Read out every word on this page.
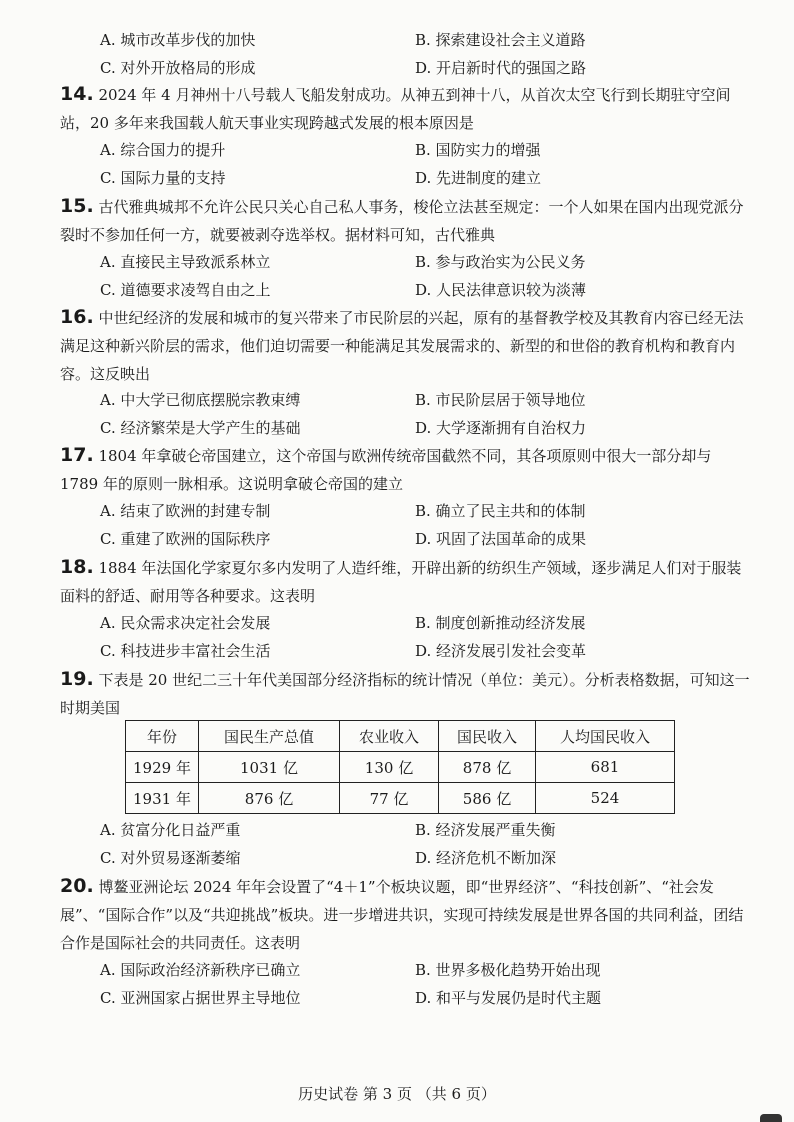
A. 城市改革步伐的加快	B. 探索建设社会主义道路
C. 对外开放格局的形成	D. 开启新时代的强国之路
14. 2024 年 4 月神州十八号载人飞船发射成功。从神五到神十八，从首次太空飞行到长期驻守空间站，20 多年来我国载人航天事业实现跨越式发展的根本原因是
A. 综合国力的提升	B. 国防实力的增强
C. 国际力量的支持	D. 先进制度的建立
15. 古代雅典城邦不允许公民只关心自己私人事务，梭伦立法甚至规定：一个人如果在国内出现党派分裂时不参加任何一方，就要被剥夺选举权。据材料可知，古代雅典
A. 直接民主导致派系林立	B. 参与政治实为公民义务
C. 道德要求凌驾自由之上	D. 人民法律意识较为淡薄
16. 中世纪经济的发展和城市的复兴带来了市民阶层的兴起，原有的基督教学校及其教育内容已经无法满足这种新兴阶层的需求，他们迫切需要一种能满足其发展需求的、新型的和世俗的教育机构和教育内容。这反映出
A. 中大学已彻底摆脱宗教束缚	B. 市民阶层居于领导地位
C. 经济繁荣是大学产生的基础	D. 大学逐渐拥有自治权力
17. 1804 年拿破仑帝国建立，这个帝国与欧洲传统帝国截然不同，其各项原则中很大一部分却与 1789 年的原则一脉相承。这说明拿破仑帝国的建立
A. 结束了欧洲的封建专制	B. 确立了民主共和的体制
C. 重建了欧洲的国际秩序	D. 巩固了法国革命的成果
18. 1884 年法国化学家夏尔多内发明了人造纤维，开辟出新的纺织生产领域，逐步满足人们对于服装面料的舒适、耐用等各种要求。这表明
A. 民众需求决定社会发展	B. 制度创新推动经济发展
C. 科技进步丰富社会生活	D. 经济发展引发社会变革
19. 下表是 20 世纪二三十年代美国部分经济指标的统计情况（单位：美元）。分析表格数据，可知这一时期美国
年份	国民生产总值	农业收入	国民收入	人均国民收入
1929 年	1031 亿	130 亿	878 亿	681
1931 年	876 亿	77 亿	586 亿	524
A. 贫富分化日益严重	B. 经济发展严重失衡
C. 对外贸易逐渐萎缩	D. 经济危机不断加深
20. 博鳌亚洲论坛 2024 年年会设置了“4＋1”个板块议题，即“世界经济”、“科技创新”、“社会发展”、“国际合作”以及“共迎挑战”板块。进一步增进共识，实现可持续发展是世界各国的共同利益，团结合作是国际社会的共同责任。这表明
A. 国际政治经济新秩序已确立	B. 世界多极化趋势开始出现
C. 亚洲国家占据世界主导地位	D. 和平与发展仍是时代主题
历史试卷 第 3 页 （共 6 页）
